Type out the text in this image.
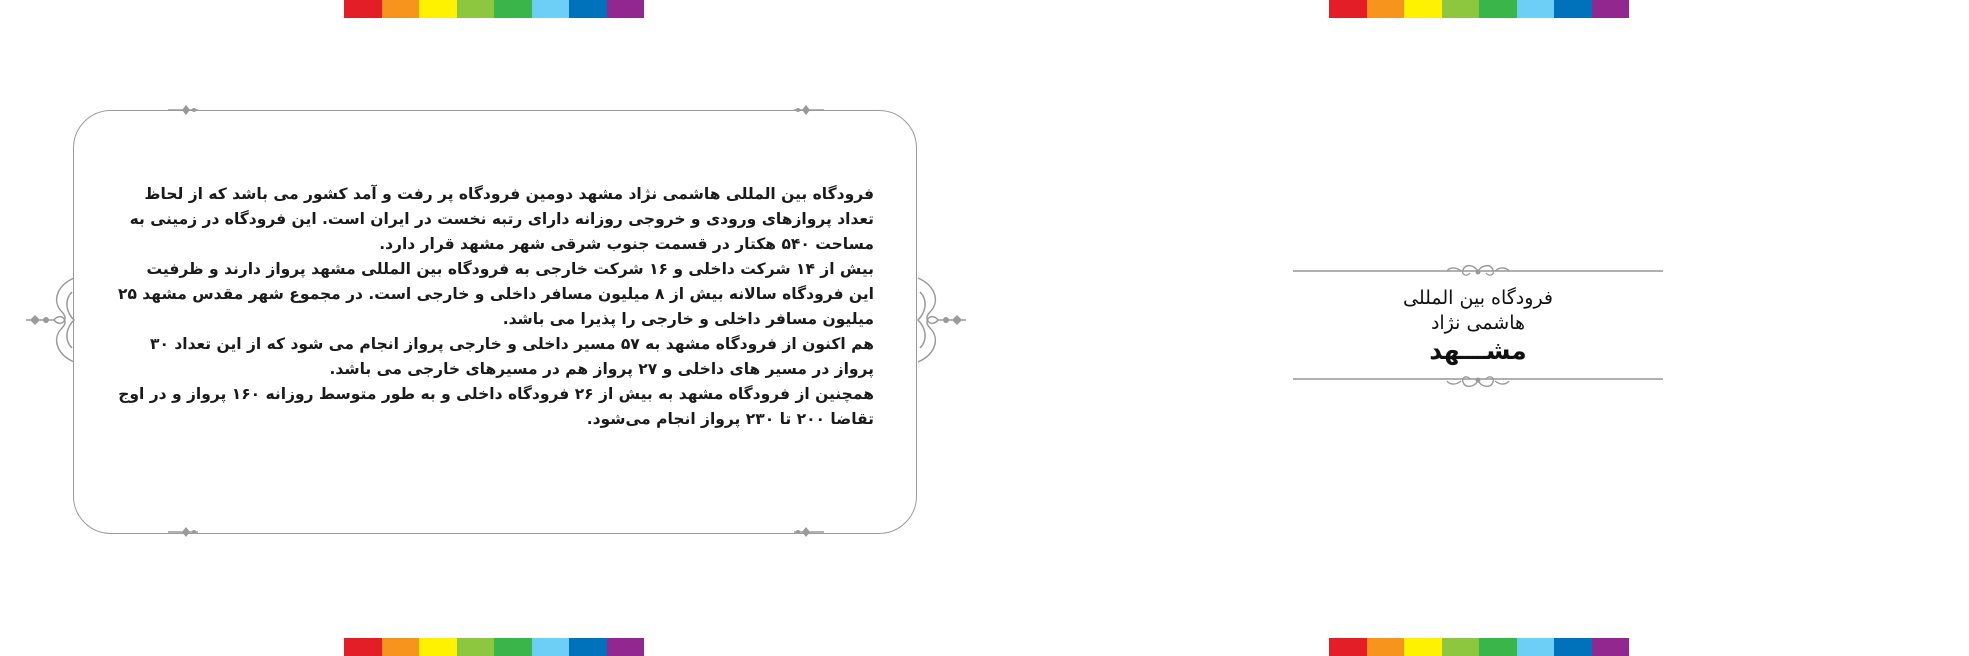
فرودگاه بین المللی هاشمی نژاد مشهد دومین فرودگاه پر رفت و آمد کشور می باشد که از لحاظ تعداد پروازهای ورودی و خروجی روزانه دارای رتبه نخست در ایران است. این فرودگاه در زمینی به مساحت ۵۴۰ هکتار در قسمت جنوب شرقی شهر مشهد قرار دارد.

بیش از ۱۴ شرکت داخلی و ۱۶ شرکت خارجی به فرودگاه بین المللی مشهد پرواز دارند و ظرفیت این فرودگاه سالانه بیش از ۸ میلیون مسافر داخلی و خارجی است. در مجموع شهر مقدس مشهد ۲۵ میلیون مسافر داخلی و خارجی را پذیرا می باشد.

هم اکنون از فرودگاه مشهد به ۵۷ مسیر داخلی و خارجی پرواز انجام می شود که از این تعداد ۳۰ پرواز در مسیر های داخلی و ۲۷ پرواز هم در مسیرهای خارجی می باشد.

همچنین از فرودگاه مشهد به بیش از ۲۶ فرودگاه داخلی و به طور متوسط روزانه ۱۶۰ پرواز و در اوج تقاضا ۲۰۰ تا ۲۳۰ پرواز انجام می‌شود.

فرودگاه بین المللی
هاشمی نژاد
مشـــهد
